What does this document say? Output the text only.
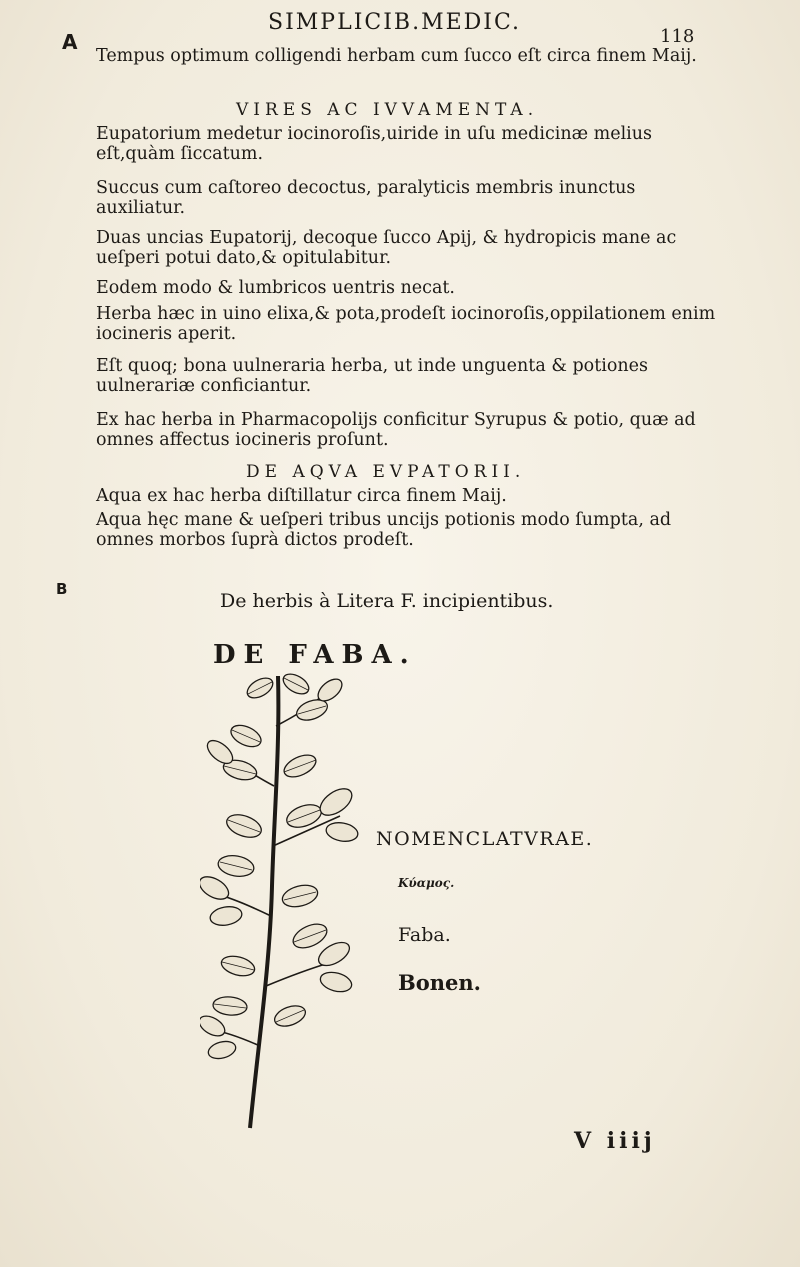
A
B
SIMPLICIB.MEDIC.
118

Tempus optimum colligendi herbam cum ſucco eſt circa finem Maij.

VIRES AC IVVAMENTA.

Eupatorium medetur iocinoroſis,uiride in uſu medicinæ melius eſt,quàm ſiccatum.

Succus cum caſtoreo decoctus, paralyticis membris inunctus auxiliatur.

Duas uncias Eupatorij, decoque ſucco Apij, & hydropicis mane ac ueſperi potui dato,& opitulabitur.

Eodem modo & lumbricos uentris necat.

Herba hæc in uino elixa,& pota,prodeſt iocinoroſis,oppilationem enim iocineris aperit.

Eſt quoq; bona uulneraria herba, ut inde unguenta & potiones uulnerariæ conficiantur.

Ex hac herba in Pharmacopolijs conficitur Syrupus & potio, quæ ad omnes affectus iocineris proſunt.

DE AQVA EVPATORII.

Aqua ex hac herba diſtillatur circa finem Maij.

Aqua hęc mane & ueſperi tribus uncijs potionis modo ſumpta, ad omnes morbos ſuprà dictos prodeſt.

De herbis à Litera F. incipientibus.
DE FABA.
NOMENCLATVRAE.
Κύαμος.
Faba.
Bonen.
V iiij
